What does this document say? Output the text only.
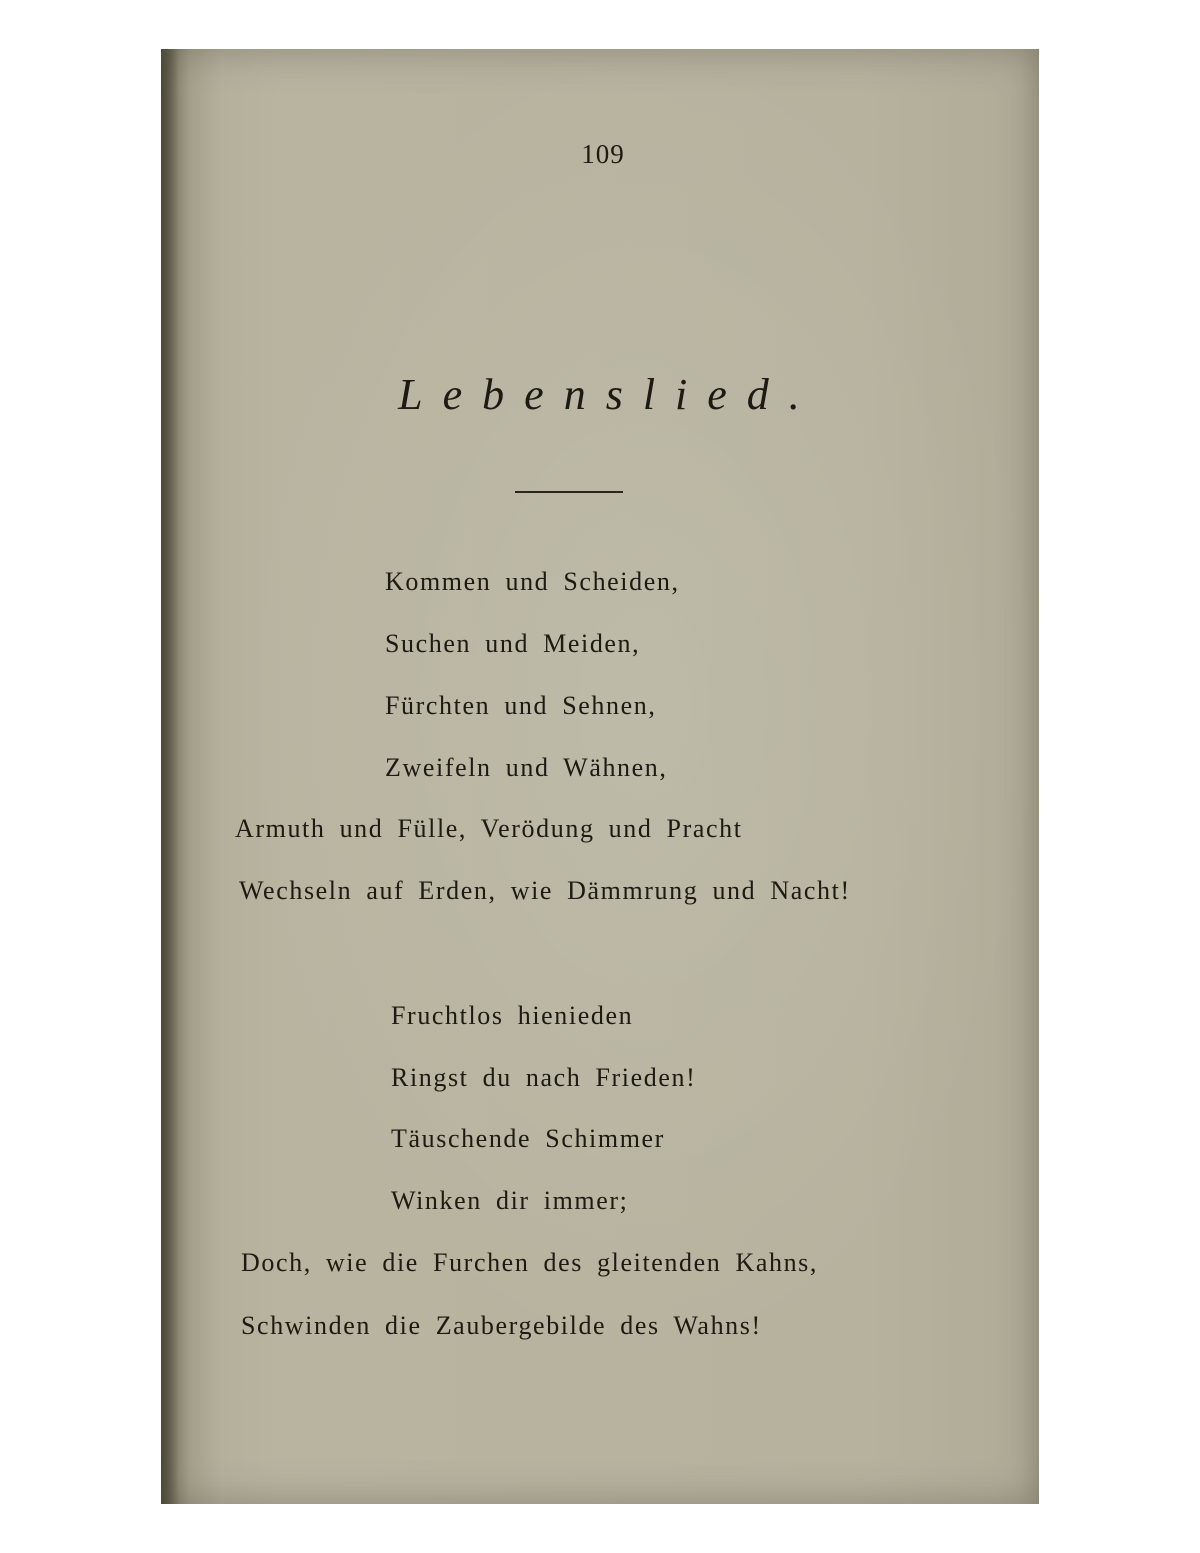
109
Lebenslied.
Kommen und Scheiden,
Suchen und Meiden,
Fürchten und Sehnen,
Zweifeln und Wähnen,
Armuth und Fülle, Verödung und Pracht
Wechseln auf Erden, wie Dämmrung und Nacht!
Fruchtlos hienieden
Ringst du nach Frieden!
Täuschende Schimmer
Winken dir immer;
Doch, wie die Furchen des gleitenden Kahns,
Schwinden die Zaubergebilde des Wahns!
